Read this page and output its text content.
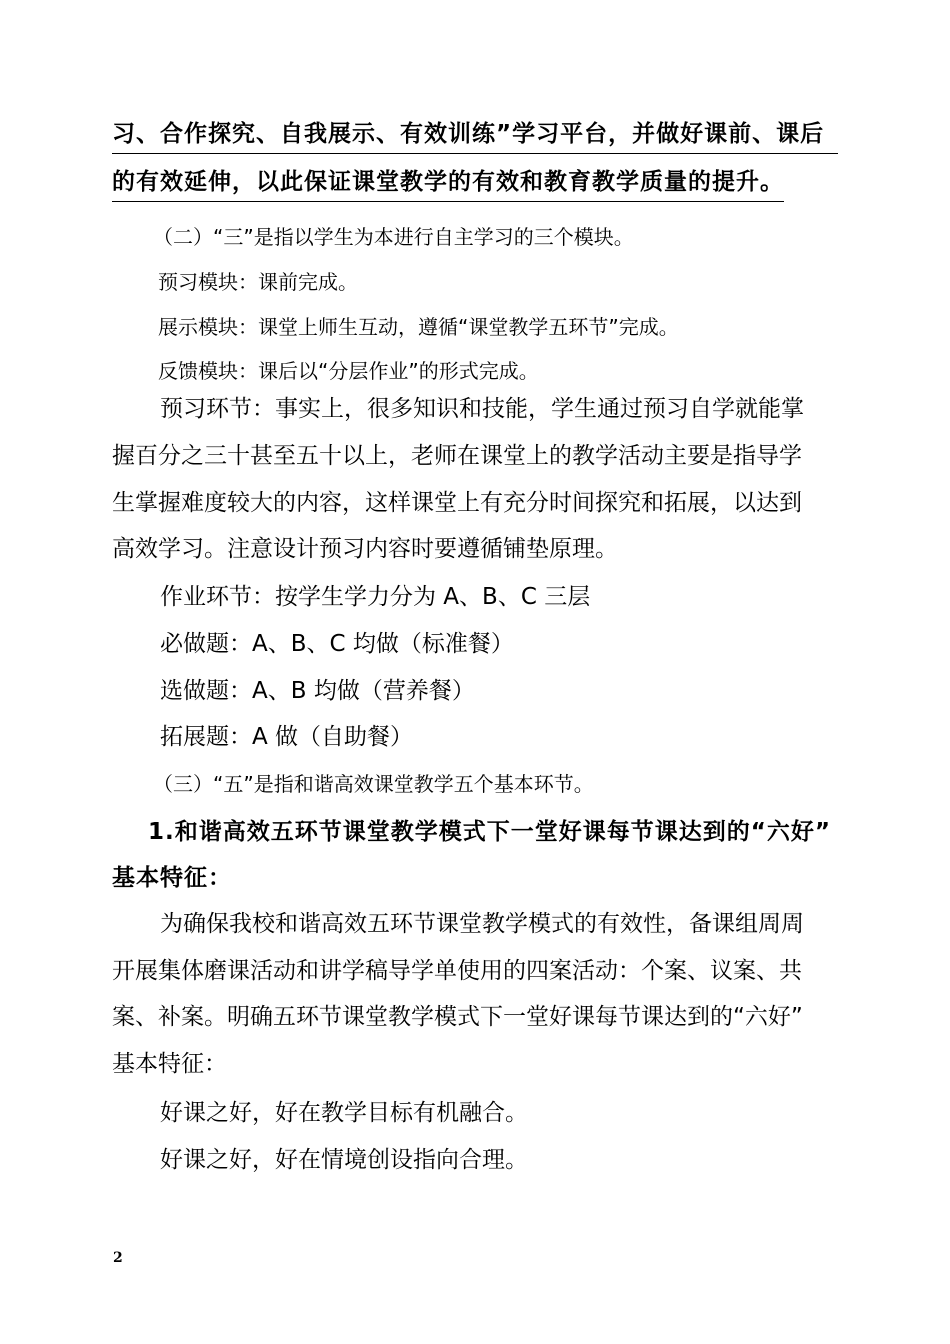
习、合作探究、自我展示、有效训练”学习平台，并做好课前、课后
的有效延伸，以此保证课堂教学的有效和教育教学质量的提升。
（二）“三”是指以学生为本进行自主学习的三个模块。
预习模块：课前完成。
展示模块：课堂上师生互动，遵循“课堂教学五环节”完成。
反馈模块：课后以“分层作业”的形式完成。
预习环节：事实上，很多知识和技能，学生通过预习自学就能掌
握百分之三十甚至五十以上，老师在课堂上的教学活动主要是指导学
生掌握难度较大的内容，这样课堂上有充分时间探究和拓展，以达到
高效学习。注意设计预习内容时要遵循铺垫原理。
作业环节：按学生学力分为 A、B、C 三层
必做题：A、B、C 均做（标准餐）
选做题：A、B 均做（营养餐）
拓展题：A 做（自助餐）
（三）“五”是指和谐高效课堂教学五个基本环节。
1.和谐高效五环节课堂教学模式下一堂好课每节课达到的“六好”
基本特征：
为确保我校和谐高效五环节课堂教学模式的有效性，备课组周周
开展集体磨课活动和讲学稿导学单使用的四案活动：个案、议案、共
案、补案。明确五环节课堂教学模式下一堂好课每节课达到的“六好”
基本特征：
好课之好，好在教学目标有机融合。
好课之好，好在情境创设指向合理。
2
